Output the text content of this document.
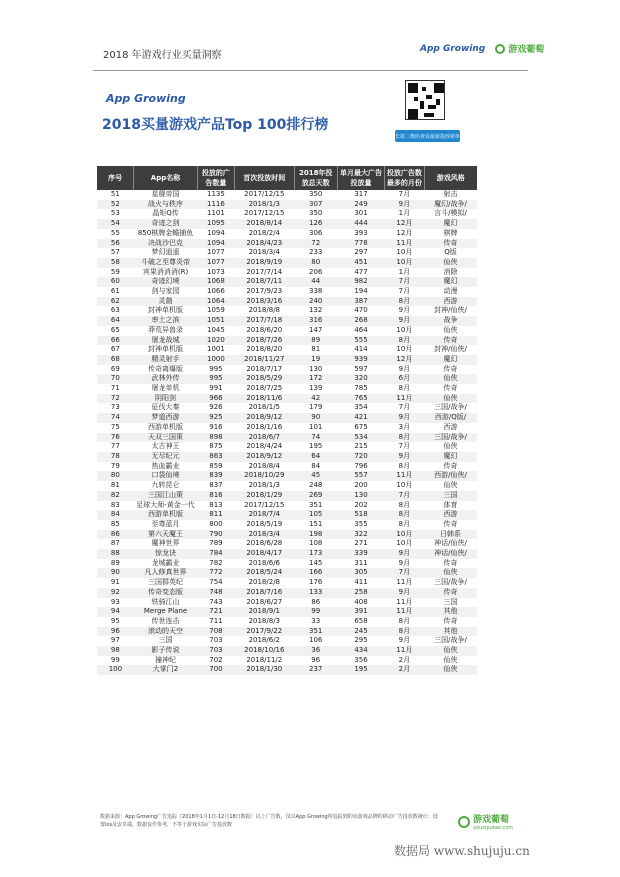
2018 年游戏行业买量洞察
App Growing	游戏葡萄
App Growing
2018买量游戏产品Top 100排行榜
长按二维码查看最新投放榜单
序号	App名称	投放的广告数量	首次投放时间	2018年投放总天数	单月最大广告投放量	投放广告数最多的月份	游戏风格
51	星舰帝国	1135	2017/12/15	350	317	7月	射击
52	战火与秩序	1116	2018/1/3	307	249	9月	魔幻/战争/
53	晶矩Q传	1101	2017/12/15	350	301	1月	言斗/模拟/
54	奇迹之剑	1095	2018/8/14	126	444	12月	魔幻
55	850棋牌金蟾捕鱼	1094	2018/2/4	306	393	12月	棋牌
56	决战沙巴克	1094	2018/4/23	72	778	11月	传奇
57	梦幻逍遥	1077	2018/3/4	233	297	10月	Q版
58	斗破之至尊炎帝	1077	2018/9/19	80	451	10月	仙侠
59	宾果消消消(R)	1073	2017/7/14	206	477	1月	消除
60	奇迹幻境	1068	2018/7/11	44	982	7月	魔幻
61	剑与家园	1066	2017/9/23	338	194	7月	动漫
62	灵劍	1064	2018/3/16	240	387	8月	西游
63	封神单机版	1059	2018/8/8	132	470	9月	封神/仙侠/
64	率土之滨	1051	2017/7/18	316	268	9月	战争
65	莽荒异兽录	1045	2018/6/20	147	464	10月	仙侠
66	屠龙战城	1020	2018/7/26	89	555	8月	传奇
67	封神单机版	1001	2018/8/20	81	414	10月	封神/仙侠/
68	精灵射手	1000	2018/11/27	19	939	12月	魔幻
69	传奇离爆版	995	2018/7/17	130	597	9月	传奇
70	武林外传	995	2018/5/29	172	320	6月	仙侠
71	屠龙单机	991	2018/7/25	139	785	8月	传奇
72	阴阳剑	966	2018/11/6	42	765	11月	仙侠
73	征伐大秦	926	2018/1/5	179	354	7月	三国/战争/
74	梦道西游	925	2018/9/12	90	421	9月	西游/Q版/
75	西游单机版	916	2018/1/16	101	675	3月	西游
76	天双三国策	898	2018/6/7	74	534	8月	三国/战争/
77	太古神王	875	2018/4/24	195	215	7月	仙侠
78	无尽纪元	863	2018/9/12	64	720	9月	魔幻
79	热血霸业	859	2018/8/4	84	796	8月	传奇
80	口袋仙境	839	2018/10/29	45	557	11月	西游/仙侠/
81	九转昆仑	837	2018/1/3	248	200	10月	仙侠
82	三国江山策	816	2018/1/29	269	130	7月	三国
83	足球大师-黄金一代	813	2017/12/15	351	202	8月	体育
84	西游单机版	811	2018/7/4	105	518	8月	西游
85	至尊蓝月	800	2018/5/19	151	355	8月	传奇
86	第六天魔王	790	2018/3/4	198	322	10月	日韩系
87	魔神世界	789	2018/6/28	108	271	10月	神话/仙侠/
88	惊龙诀	784	2018/4/17	173	339	9月	神话/仙侠/
89	龙城霸业	782	2018/6/6	145	311	9月	传奇
90	凡人修真世界	772	2018/5/24	166	305	7月	仙侠
91	三国群英纪	754	2018/2/8	176	411	11月	三国/战争/
92	传奇变态版	748	2018/7/16	133	258	9月	传奇
93	铁骑江山	743	2018/6/27	86	408	11月	三国
94	Merge Plane	721	2018/9/1	99	391	11月	其他
95	传世连击	711	2018/8/3	33	658	8月	传奇
96	滚动的天空	708	2017/9/22	351	245	8月	其他
97	三国	703	2018/6/2	106	295	9月	三国/战争/
98	影子传说	703	2018/10/16	36	434	11月	仙侠
99	撞神纪	702	2018/11/2	96	356	2月	仙侠
100	大掌门2	700	2018/1/30	237	195	2月	仙侠
数据来源：App Growing广告追踪（2018年1月1日-12月18日数据）以上广告数，仅以App Growing所追踪到的该游戏品牌的移动广告投放数统计；设置ios及安卓端，数据仅作参考，不等于游戏实际广告投放数	游戏葡萄
youxiputao.com
数据局 www.shujuju.cn
